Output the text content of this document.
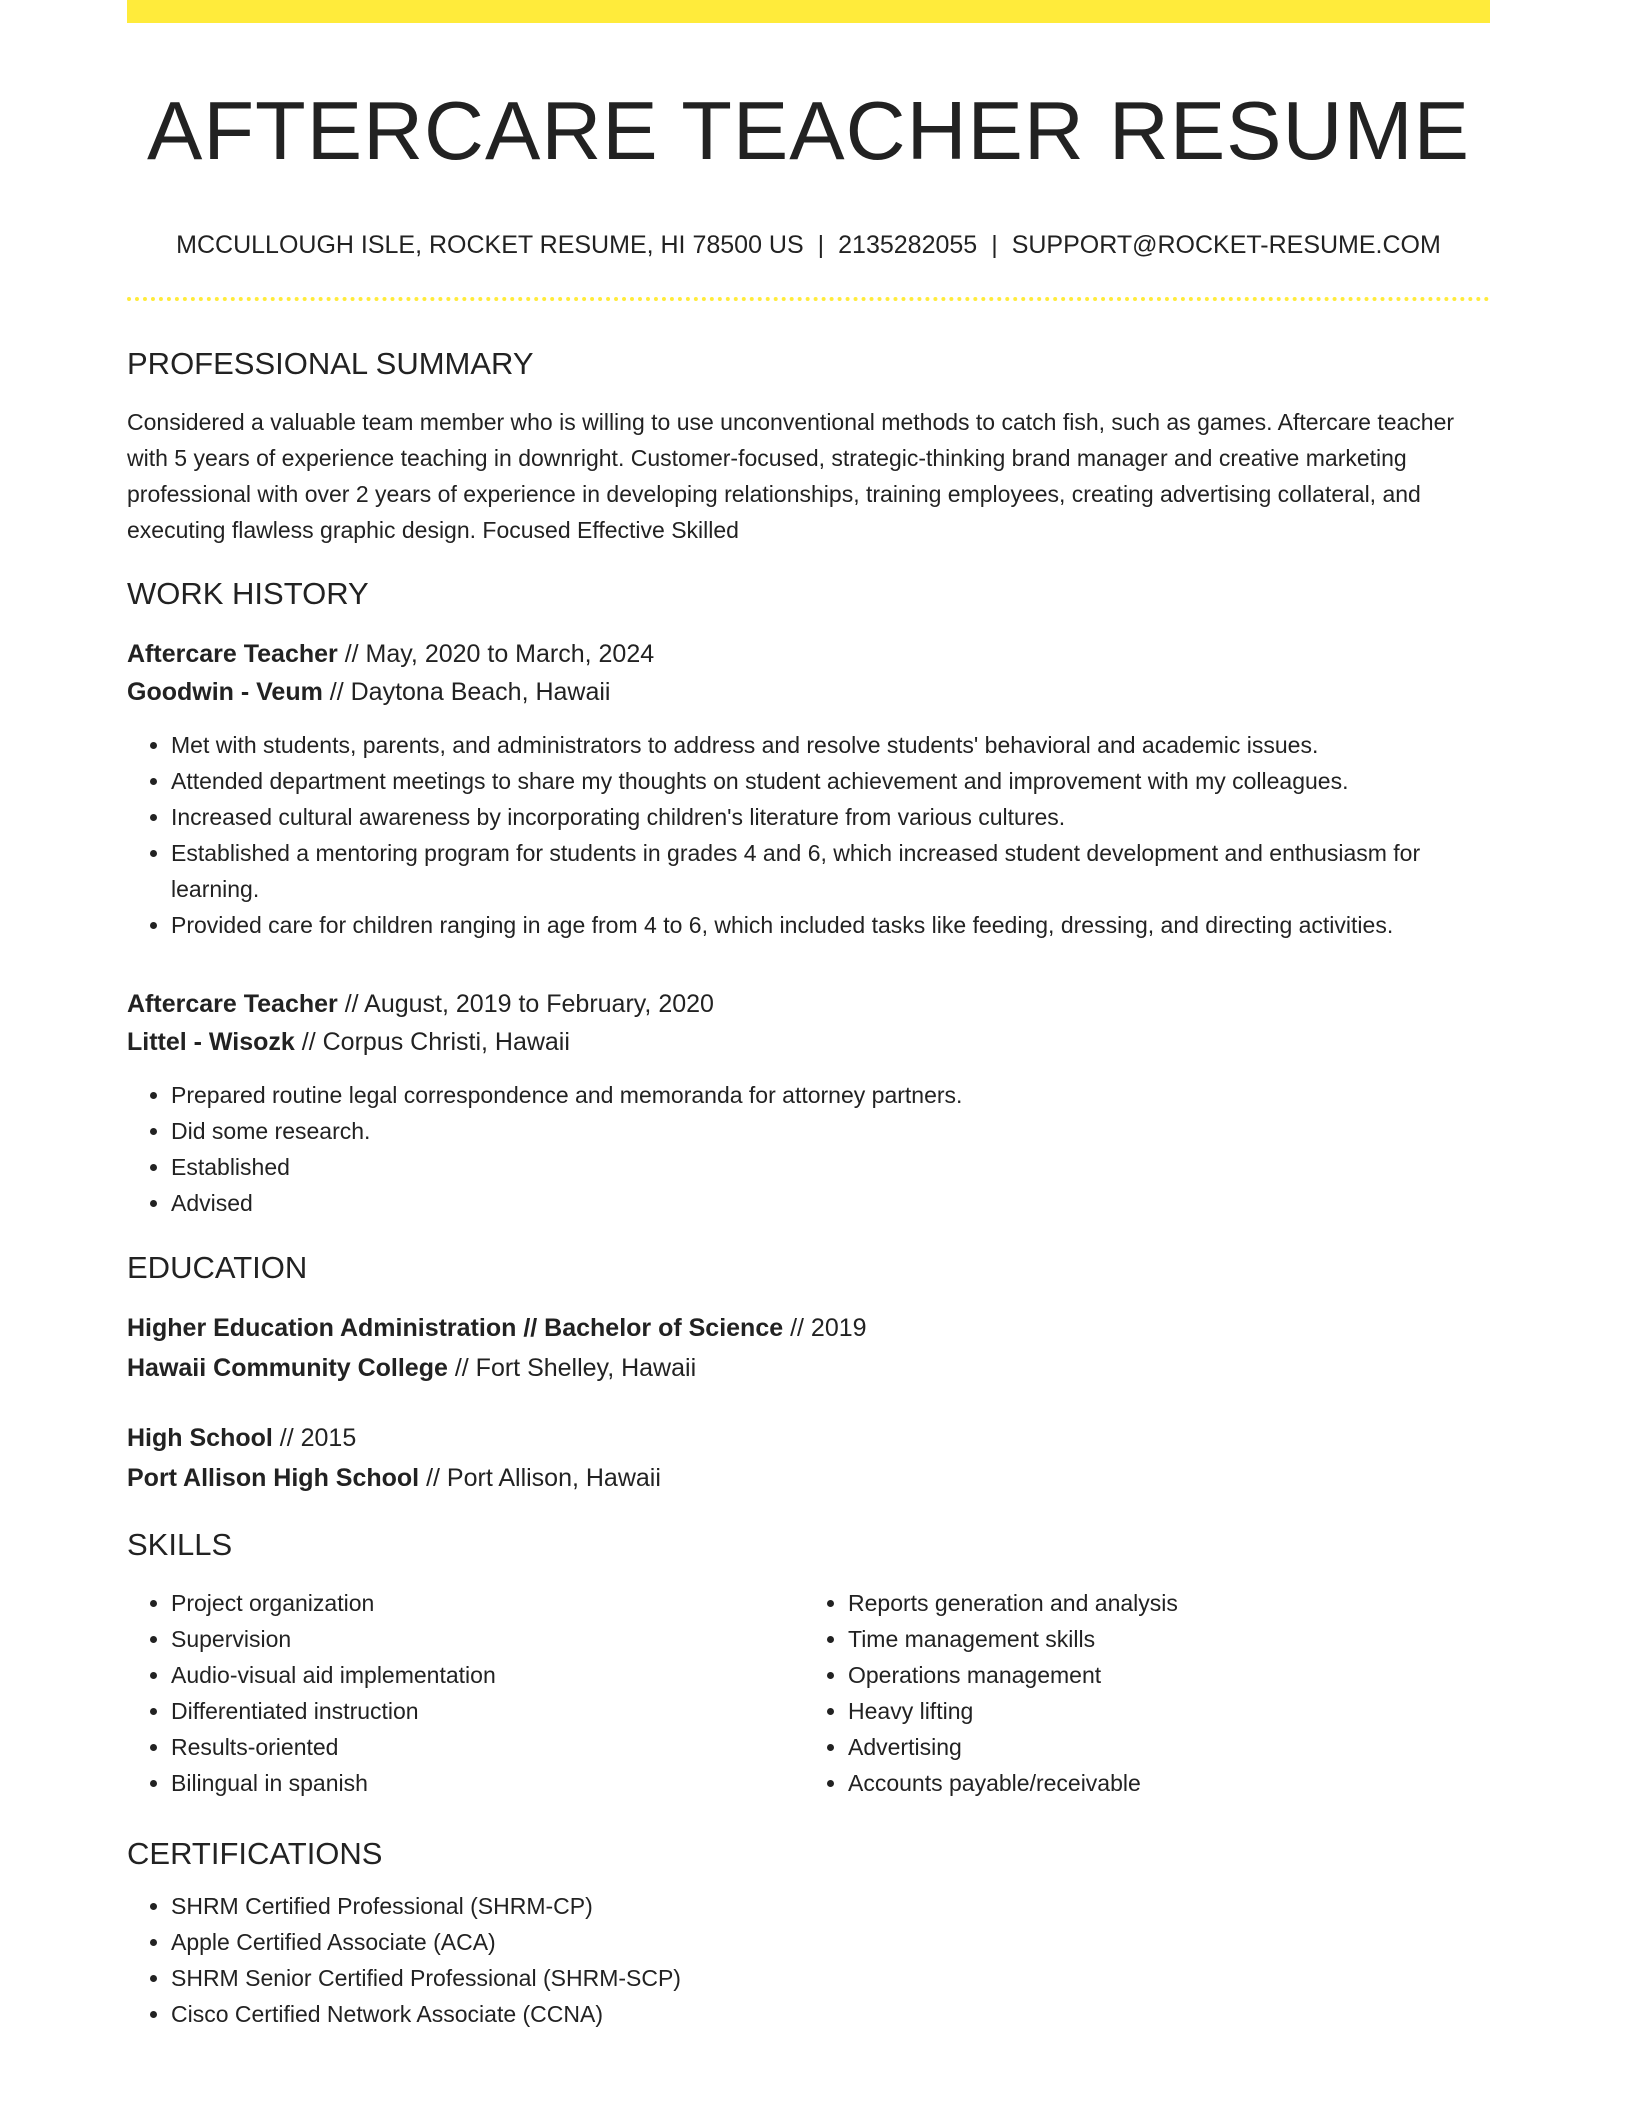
AFTERCARE TEACHER RESUME
MCCULLOUGH ISLE, ROCKET RESUME, HI 78500 US | 2135282055 | SUPPORT@ROCKET-RESUME.COM
PROFESSIONAL SUMMARY
Considered a valuable team member who is willing to use unconventional methods to catch fish, such as games. Aftercare teacher with 5 years of experience teaching in downright. Customer-focused, strategic-thinking brand manager and creative marketing professional with over 2 years of experience in developing relationships, training employees, creating advertising collateral, and executing flawless graphic design. Focused Effective Skilled
WORK HISTORY
Aftercare Teacher // May, 2020 to March, 2024
Goodwin - Veum // Daytona Beach, Hawaii
• Met with students, parents, and administrators to address and resolve students' behavioral and academic issues.
• Attended department meetings to share my thoughts on student achievement and improvement with my colleagues.
• Increased cultural awareness by incorporating children's literature from various cultures.
• Established a mentoring program for students in grades 4 and 6, which increased student development and enthusiasm for learning.
• Provided care for children ranging in age from 4 to 6, which included tasks like feeding, dressing, and directing activities.
Aftercare Teacher // August, 2019 to February, 2020
Littel - Wisozk // Corpus Christi, Hawaii
• Prepared routine legal correspondence and memoranda for attorney partners.
• Did some research.
• Established
• Advised
EDUCATION
Higher Education Administration // Bachelor of Science // 2019
Hawaii Community College // Fort Shelley, Hawaii
High School // 2015
Port Allison High School // Port Allison, Hawaii
SKILLS
• Project organization
• Supervision
• Audio-visual aid implementation
• Differentiated instruction
• Results-oriented
• Bilingual in spanish
• Reports generation and analysis
• Time management skills
• Operations management
• Heavy lifting
• Advertising
• Accounts payable/receivable
CERTIFICATIONS
• SHRM Certified Professional (SHRM-CP)
• Apple Certified Associate (ACA)
• SHRM Senior Certified Professional (SHRM-SCP)
• Cisco Certified Network Associate (CCNA)
